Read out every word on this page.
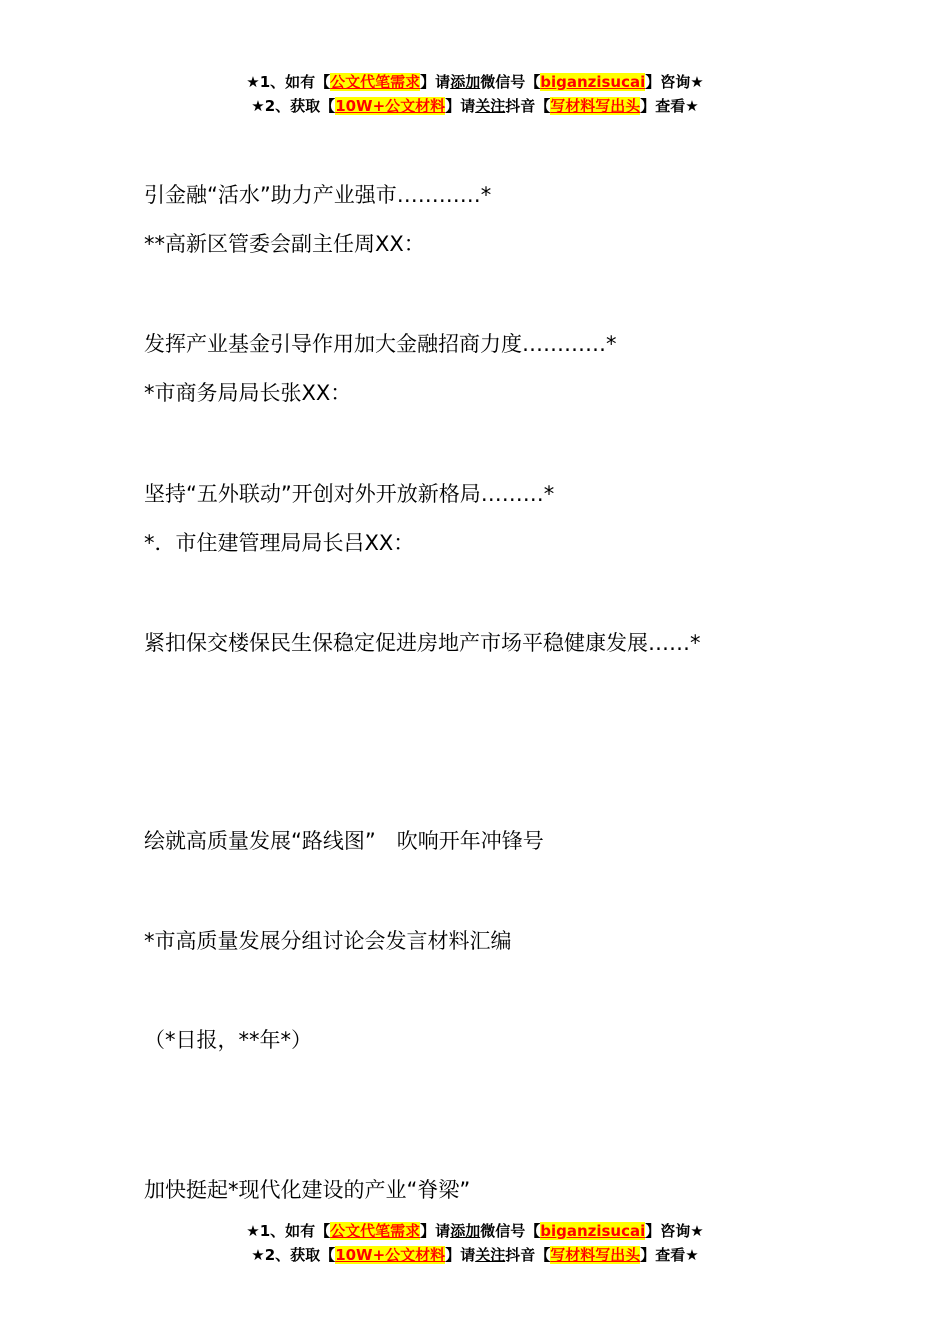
★1、如有【公文代笔需求】请添加微信号【biganzisucai】咨询★
★2、获取【10W+公文材料】请关注抖音【写材料写出头】查看★
引金融“活水”助力产业强市…………*
**高新区管委会副主任周XX：
发挥产业基金引导作用加大金融招商力度…………*
*市商务局局长张XX：
坚持“五外联动”开创对外开放新格局………*
*．市住建管理局局长吕XX：
紧扣保交楼保民生保稳定促进房地产市场平稳健康发展……*
绘就高质量发展“路线图”　吹响开年冲锋号
*市高质量发展分组讨论会发言材料汇编
（*日报，**年*）
加快挺起*现代化建设的产业“脊梁”
★1、如有【公文代笔需求】请添加微信号【biganzisucai】咨询★
★2、获取【10W+公文材料】请关注抖音【写材料写出头】查看★
